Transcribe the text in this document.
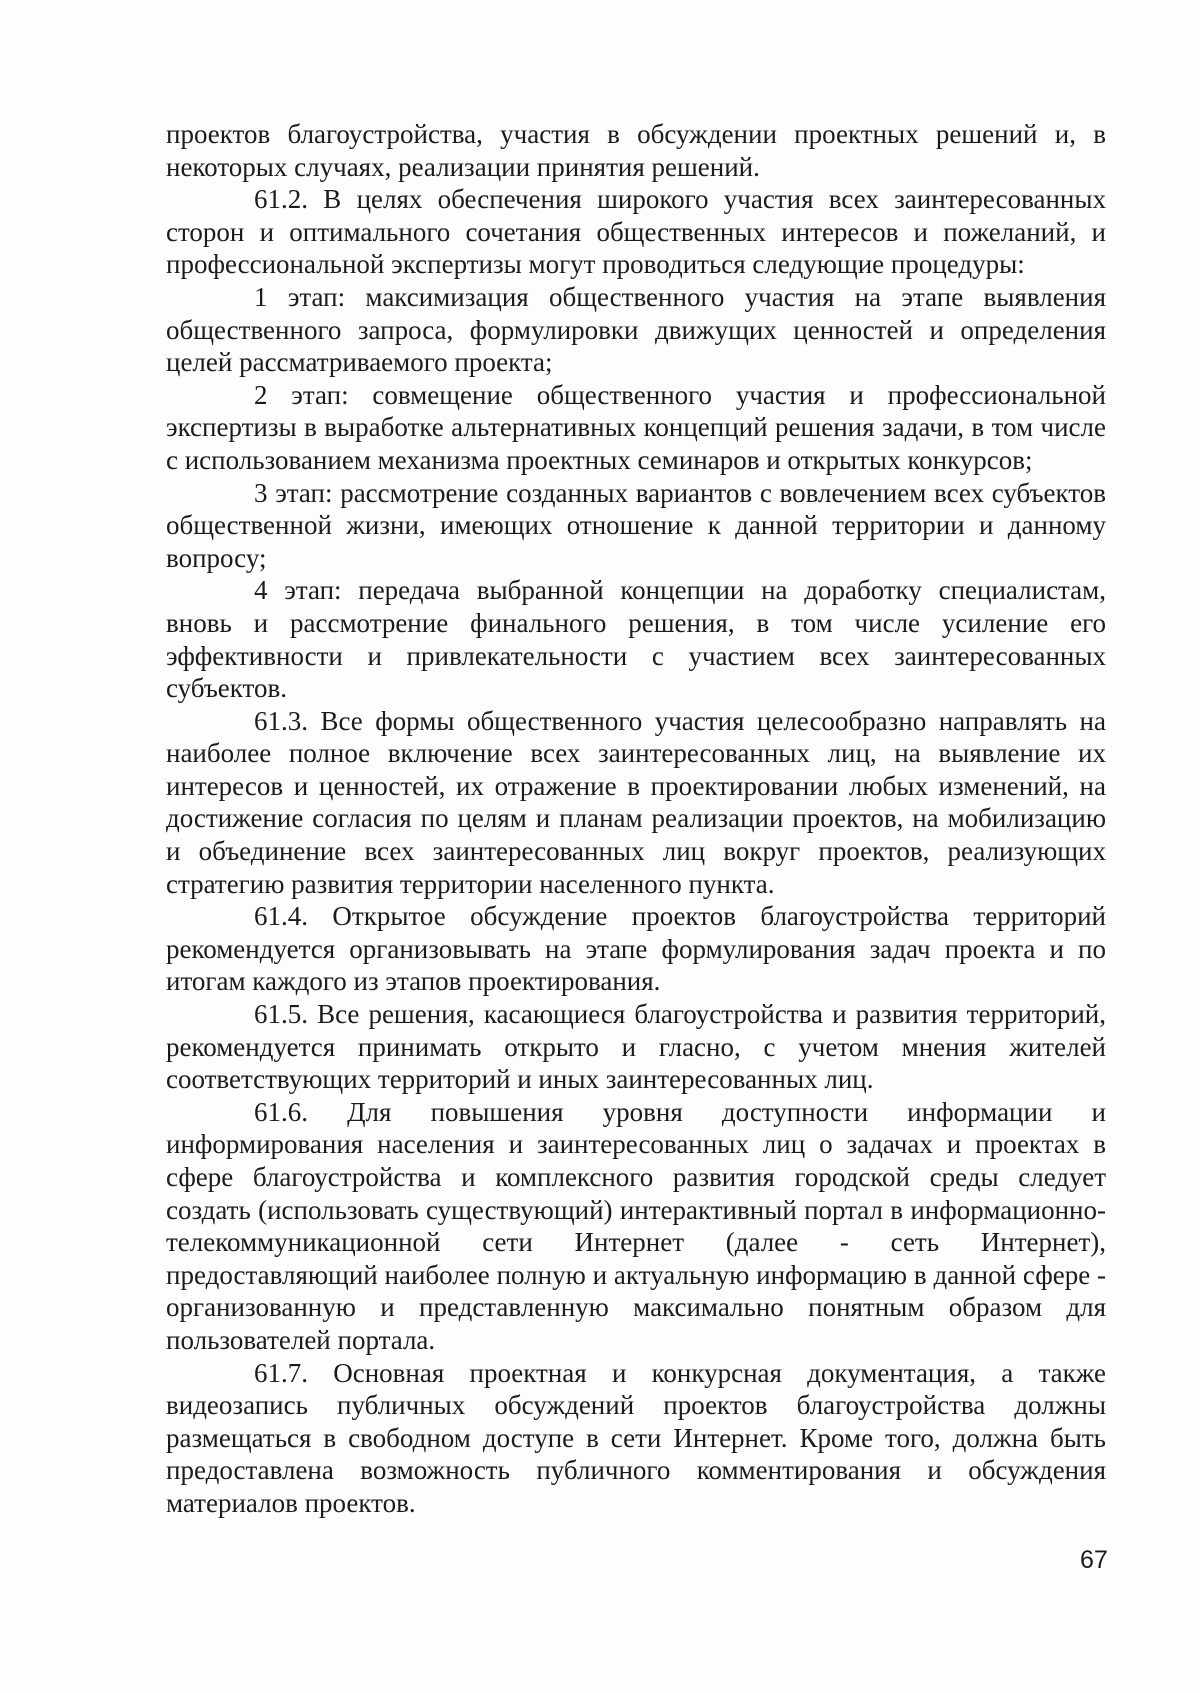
проектов благоустройства, участия в обсуждении проектных решений и, в некоторых случаях, реализации принятия решений.

61.2. В целях обеспечения широкого участия всех заинтересованных сторон и оптимального сочетания общественных интересов и пожеланий, и профессиональной экспертизы могут проводиться следующие процедуры:

1 этап: максимизация общественного участия на этапе выявления общественного запроса, формулировки движущих ценностей и определения целей рассматриваемого проекта;

2 этап: совмещение общественного участия и профессиональной экспертизы в выработке альтернативных концепций решения задачи, в том числе с использованием механизма проектных семинаров и открытых конкурсов;

3 этап: рассмотрение созданных вариантов с вовлечением всех субъектов общественной жизни, имеющих отношение к данной территории и данному вопросу;

4 этап: передача выбранной концепции на доработку специалистам, вновь и рассмотрение финального решения, в том числе усиление его эффективности и привлекательности с участием всех заинтересованных субъектов.

61.3. Все формы общественного участия целесообразно направлять на наиболее полное включение всех заинтересованных лиц, на выявление их интересов и ценностей, их отражение в проектировании любых изменений, на достижение согласия по целям и планам реализации проектов, на мобилизацию и объединение всех заинтересованных лиц вокруг проектов, реализующих стратегию развития территории населенного пункта.

61.4. Открытое обсуждение проектов благоустройства территорий рекомендуется организовывать на этапе формулирования задач проекта и по итогам каждого из этапов проектирования.

61.5. Все решения, касающиеся благоустройства и развития территорий, рекомендуется принимать открыто и гласно, с учетом мнения жителей соответствующих территорий и иных заинтересованных лиц.

61.6. Для повышения уровня доступности информации и информирования населения и заинтересованных лиц о задачах и проектах в сфере благоустройства и комплексного развития городской среды следует создать (использовать существующий) интерактивный портал в информационно-телекоммуникационной сети Интернет (далее - сеть Интернет), предоставляющий наиболее полную и актуальную информацию в данной сфере - организованную и представленную максимально понятным образом для пользователей портала.

61.7. Основная проектная и конкурсная документация, а также видеозапись публичных обсуждений проектов благоустройства должны размещаться в свободном доступе в сети Интернет. Кроме того, должна быть предоставлена возможность публичного комментирования и обсуждения материалов проектов.

67
